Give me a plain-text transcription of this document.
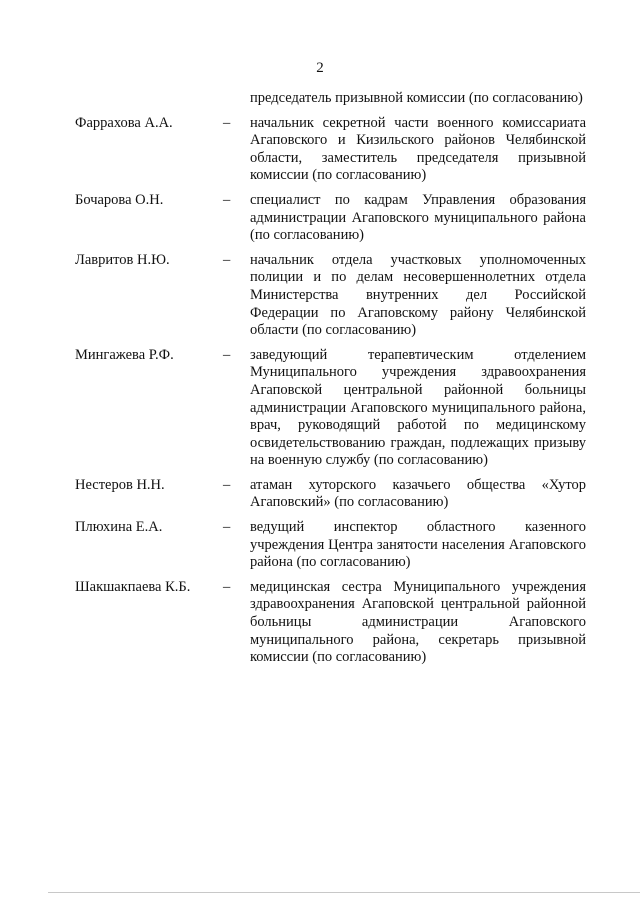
2
председатель призывной комиссии (по согласованию)
Фаррахова А.А.	– начальник секретной части военного комиссариата Агаповского и Кизильского районов Челябинской области, заместитель председателя призывной комиссии (по согласованию)
Бочарова О.Н.	– специалист по кадрам Управления образования администрации Агаповского муниципального района (по согласованию)
Лавритов Н.Ю.	– начальник отдела участковых уполномоченных полиции и по делам несовершеннолетних отдела Министерства внутренних дел Российской Федерации по Агаповскому району Челябинской области (по согласованию)
Мингажева Р.Ф.	– заведующий терапевтическим отделением Муниципального учреждения здравоохранения Агаповской центральной районной больницы администрации Агаповского муниципального района, врач, руководящий работой по медицинскому освидетельствованию граждан, подлежащих призыву на военную службу (по согласованию)
Нестеров Н.Н.	– атаман хуторского казачьего общества «Хутор Агаповский» (по согласованию)
Плюхина Е.А.	– ведущий инспектор областного казенного учреждения Центра занятости населения Агаповского района (по согласованию)
Шакшакпаева К.Б. – медицинская сестра Муниципального учреждения здравоохранения Агаповской центральной районной больницы администрации Агаповского муниципального района, секретарь призывной комиссии (по согласованию)
